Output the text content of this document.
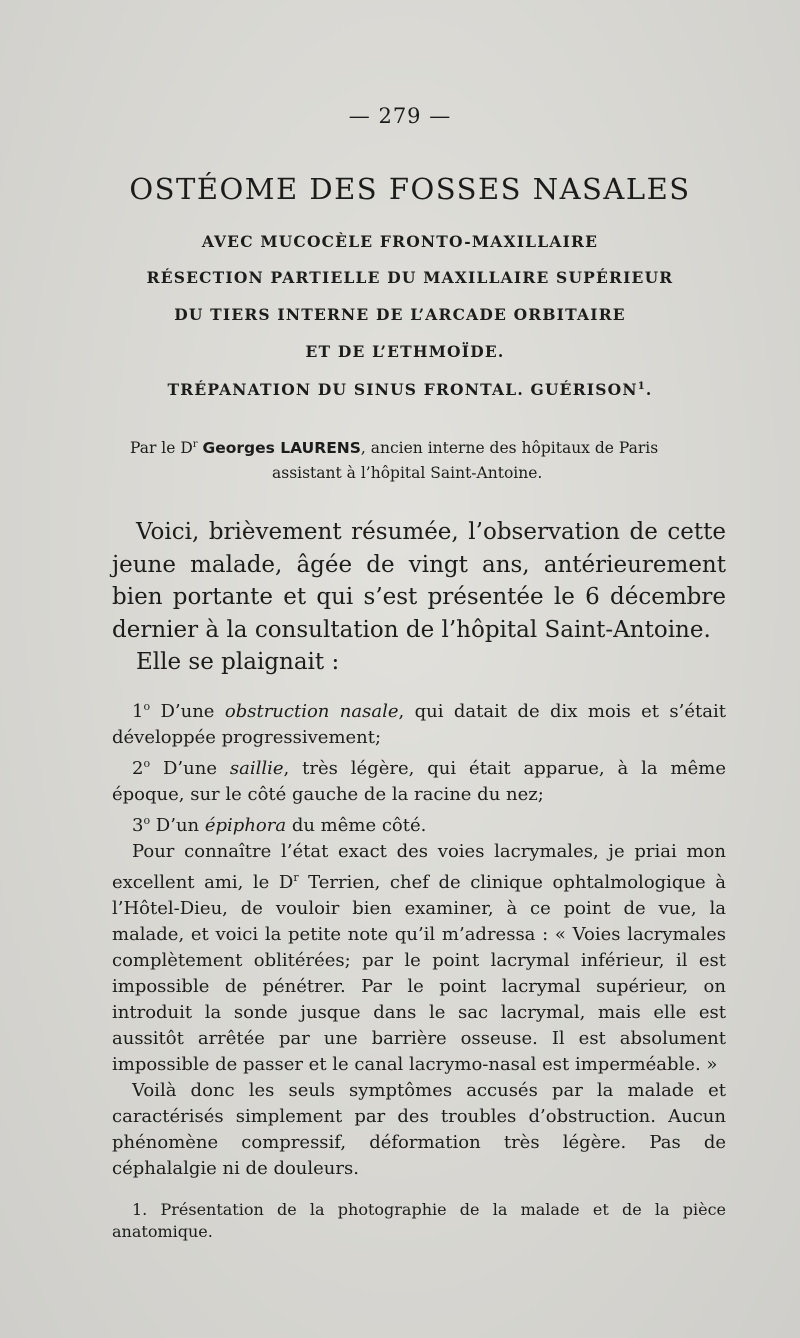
— 279 —
OSTÉOME DES FOSSES NASALES
AVEC MUCOCÈLE FRONTO-MAXILLAIRE
RÉSECTION PARTIELLE DU MAXILLAIRE SUPÉRIEUR
DU TIERS INTERNE DE L’ARCADE ORBITAIRE
ET DE L’ETHMOÏDE.
TRÉPANATION DU SINUS FRONTAL. GUÉRISON$^1$.
Par le $D^r$ Georges LAURENS, ancien interne des hôpitaux de Paris
assistant à l’hôpital Saint-Antoine.

Voici, brièvement résumée, l’observation de cette jeune malade, âgée de vingt ans, antérieurement bien portante et qui s’est présentée le 6 décembre dernier à la consultation de l’hôpital Saint-Antoine.

Elle se plaignait :

1$^o$ D’une obstruction nasale, qui datait de dix mois et s’était développée progressivement;

2$^o$ D’une saillie, très légère, qui était apparue, à la même époque, sur le côté gauche de la racine du nez;

3$^o$ D’un épiphora du même côté.

Pour connaître l’état exact des voies lacrymales, je priai mon excellent ami, le $D^r$ Terrien, chef de clinique ophtalmologique à l’Hôtel-Dieu, de vouloir bien examiner, à ce point de vue, la malade, et voici la petite note qu’il m’adressa : « Voies lacrymales complètement oblitérées; par le point lacrymal inférieur, il est impossible de pénétrer. Par le point lacrymal supérieur, on introduit la sonde jusque dans le sac lacrymal, mais elle est aussitôt arrêtée par une barrière osseuse. Il est absolument impossible de passer et le canal lacrymo-nasal est imperméable. »

Voilà donc les seuls symptômes accusés par la malade et caractérisés simplement par des troubles d’obstruction. Aucun phénomène compressif, déformation très légère. Pas de céphalalgie ni de douleurs.

1. Présentation de la photographie de la malade et de la pièce anatomique.
